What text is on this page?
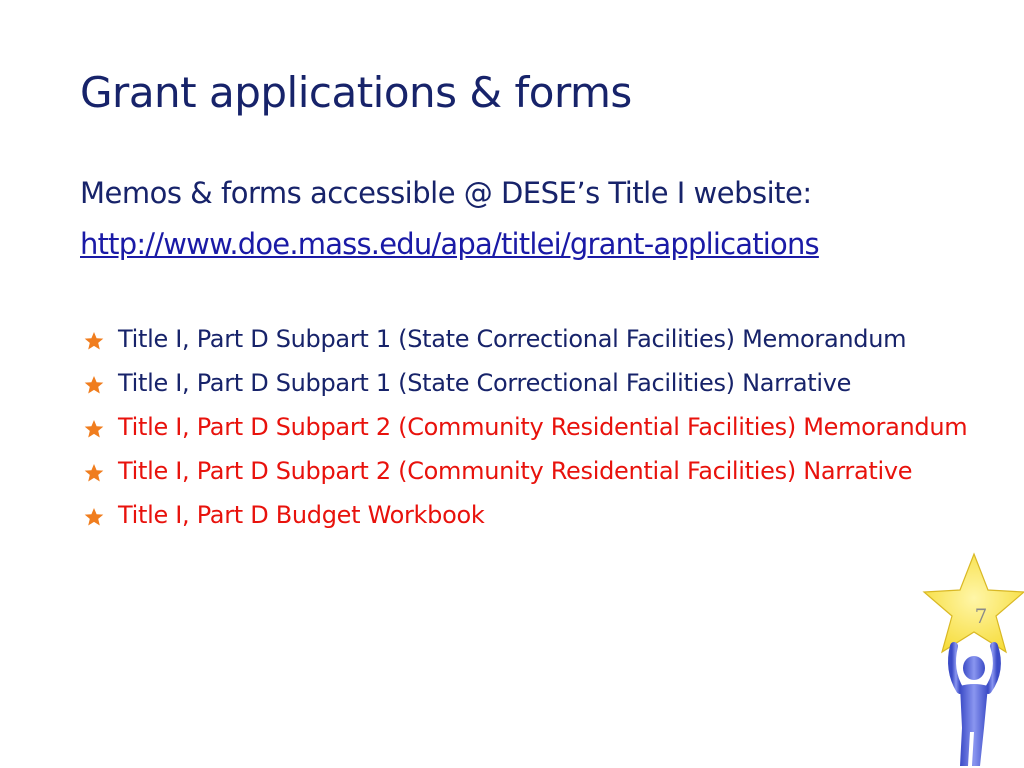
Grant applications & forms
Memos & forms accessible @ DESE’s Title I website:
http://www.doe.mass.edu/apa/titlei/grant-applications
Title I, Part D Subpart 1 (State Correctional Facilities) Memorandum
Title I, Part D Subpart 1 (State Correctional Facilities) Narrative
Title I, Part D Subpart 2 (Community Residential Facilities) Memorandum
Title I, Part D Subpart 2 (Community Residential Facilities) Narrative
Title I, Part D Budget Workbook
7
